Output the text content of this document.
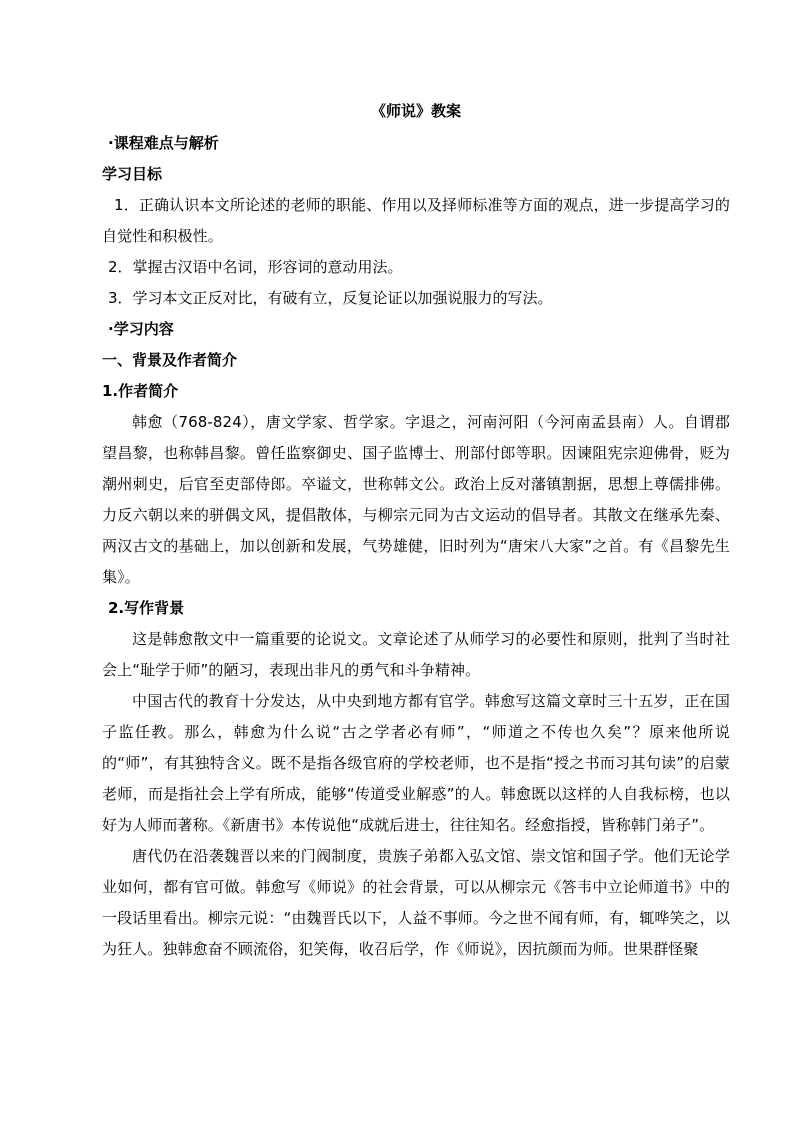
《师说》教案
·课程难点与解析
学习目标

1．正确认识本文所论述的老师的职能、作用以及择师标准等方面的观点，进一步提高学习的自觉性和积极性。

2．掌握古汉语中名词，形容词的意动用法。
3．学习本文正反对比，有破有立，反复论证以加强说服力的写法。
·学习内容
一、背景及作者简介
1.作者简介

韩愈（768-824），唐文学家、哲学家。字退之，河南河阳（今河南孟县南）人。自谓郡望昌黎，也称韩昌黎。曾任监察御史、国子监博士、刑部付郎等职。因谏阻宪宗迎佛骨，贬为潮州刺史，后官至吏部侍郎。卒谥文，世称韩文公。政治上反对藩镇割据，思想上尊儒排佛。力反六朝以来的骈偶文风，提倡散体，与柳宗元同为古文运动的倡导者。其散文在继承先秦、两汉古文的基础上，加以创新和发展，气势雄健，旧时列为“唐宋八大家”之首。有《昌黎先生集》。

2.写作背景

这是韩愈散文中一篇重要的论说文。文章论述了从师学习的必要性和原则，批判了当时社会上“耻学于师”的陋习，表现出非凡的勇气和斗争精神。

中国古代的教育十分发达，从中央到地方都有官学。韩愈写这篇文章时三十五岁，正在国子监任教。那么，韩愈为什么说“古之学者必有师”，“师道之不传也久矣”？原来他所说的“师”，有其独特含义。既不是指各级官府的学校老师，也不是指“授之书而习其句读”的启蒙老师，而是指社会上学有所成，能够“传道受业解惑”的人。韩愈既以这样的人自我标榜，也以好为人师而著称。《新唐书》本传说他“成就后进士，往往知名。经愈指授，皆称韩门弟子”。

唐代仍在沿袭魏晋以来的门阀制度，贵族子弟都入弘文馆、崇文馆和国子学。他们无论学业如何，都有官可做。韩愈写《师说》的社会背景，可以从柳宗元《答韦中立论师道书》中的一段话里看出。柳宗元说：“由魏晋氏以下，人益不事师。今之世不闻有师，有，辄哗笑之，以为狂人。独韩愈奋不顾流俗，犯笑侮，收召后学，作《师说》，因抗颜而为师。世果群怪聚
